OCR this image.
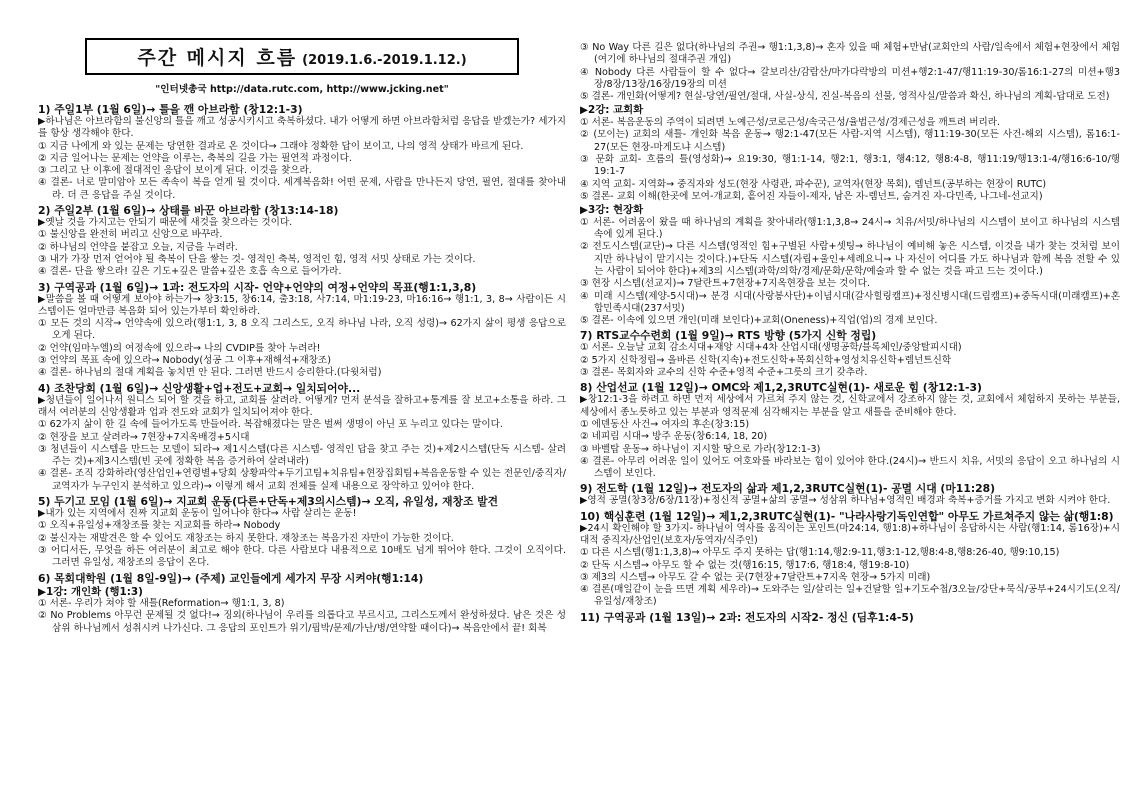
주간 메시지 흐름 (2019.1.6.-2019.1.12.)
"인터넷총국 http://data.rutc.com, http://www.jcking.net"
1) 주일1부 (1월 6일)→ 틀을 깬 아브라함 (창12:1-3)
▶하나님은 아브라함의 불신앙의 틀을 깨고 성공시키시고 축복하셨다. 내가 어떻게 하면 아브라함처럼 응답을 받겠는가? 세가지를 항상 생각해야 한다.
① 지금 나에게 와 있는 문제는 당연한 결과로 온 것이다→ 그래야 정확한 답이 보이고, 나의 영적 상태가 바르게 된다.
② 지금 일어나는 문제는 언약을 이루는, 축복의 길을 가는 필연적 과정이다.
③ 그리고 난 이후에 절대적인 응답이 보이게 된다. 이것을 찾으라.
④ 결론- 너로 말미암아 모든 족속이 복을 얻게 될 것이다. 세계복음화! 어떤 문제, 사람을 만나든지 당연, 필연, 절대를 찾아내라. 더 큰 응답을 주실 것이다.
2) 주일2부 (1월 6일)→ 상태를 바꾼 아브라함 (창13:14-18)
▶옛날 것을 가지고는 안되기 때문에 새것을 찾으라는 것이다.
① 불신앙을 완전히 버리고 신앙으로 바꾸라.
② 하나님의 언약을 붙잡고 오늘, 지금을 누려라.
③ 내가 가장 먼저 얻어야 될 축복이 단을 쌓는 것- 영적인 축복, 영적인 힘, 영적 서밋 상태로 가는 것이다.
④ 결론- 단을 쌓으라! 깊은 기도+깊은 말씀+깊은 호흡 속으로 들어가라.
3) 구역공과 (1월 6일)→ 1과: 전도자의 시작- 언약+언약의 여정+언약의 목표(행1:1,3,8)
▶말씀을 볼 때 어떻게 보아야 하는가→ 창3:15, 창6:14, 출3:18, 사7:14, 마1:19-23, 마16:16→ 행1:1, 3, 8→ 사람이든 시스템이든 얼마만큼 복음화 되어 있는가부터 확인하라.
① 모든 것의 시작→ 언약속에 있으라(행1:1, 3, 8 오직 그리스도, 오직 하나님 나라, 오직 성령)→ 62가지 삶이 평생 응답으로 오게 된다.
② 언약(임마누엘)의 여정속에 있으라→ 나의 CVDIP를 찾아 누려라!
③ 언약의 목표 속에 있으라→ Nobody(성공 그 이후+재해석+재창조)
④ 결론- 하나님의 절대 계획을 놓치면 안 된다. 그러면 반드시 승리한다.(다윗처럼)
4) 조찬당회 (1월 6일)→ 신앙생활+업+전도+교회→ 일치되어야...
▶청년들이 일어나서 원니스 되어 할 것을 하고, 교회를 살려라. 어떻게? 먼저 분석을 잘하고+통계를 잘 보고+소통을 하라. 그래서 여러분의 신앙생활과 업과 전도와 교회가 일치되어져야 한다.
① 62가지 삶이 한 길 속에 들어가도록 만들어라. 복잡해졌다는 말은 벌써 생명이 아닌 포 누리고 있다는 말이다.
② 현장을 보고 살려라→ 7현장+7지옥배경+5시대
③ 청년들이 시스템을 만드는 모델이 되라→ 제1시스템(다른 시스템- 영적인 답을 찾고 주는 것)+제2시스템(단독 시스템- 살려주는 것)+제3시스템(빈 곳에 정확한 복음 증거하여 살려내라)
④ 결론- 조직 강화하라(영산업인+연령별+당회 상황파악+두기고팀+치유팀+현장집회팀+복음운동할 수 있는 전문인/중직자/교역자가 누구인지 분석하고 있으라)→ 이렇게 해서 교회 전체를 실제 내용으로 장악하고 있어야 한다.
5) 두기고 모임 (1월 6일)→ 지교회 운동(다른+단독+제3의시스템)→ 오직, 유일성, 재창조 발견
▶내가 있는 지역에서 진짜 지교회 운동이 일어나야 한다→ 사람 살리는 운동!
① 오직+유일성+재창조를 찾는 지교회를 하라→ Nobody
② 불신자는 재발견은 할 수 있어도 재창조는 하지 못한다. 재창조는 복음가진 자만이 가능한 것이다.
③ 어디서든, 무엇을 하든 여러분이 최고로 해야 한다. 다른 사람보다 내용적으로 10배도 넘게 뛰어야 한다. 그것이 오직이다. 그러면 유일성, 재창조의 응답이 온다.
6) 목회대학원 (1월 8일-9일)→ (주제) 교인들에게 세가지 무장 시켜야(행1:14)
▶1강: 개인화 (행1:3)
① 서론- 우리가 쳐야 할 새틀(Reformation→ 행1:1, 3, 8)
② No Problems 아무런 문제될 것 없다!→ 징외(하나님이 우리를 의롭다고 부르시고, 그리스도께서 완성하셨다. 남은 것은 성삼위 하나님께서 성취시켜 나가신다. 그 응답의 포인트가 위기/핍박/문제/가난/병/연약할 때이다)→ 복음안에서 끝! 회복
③ No Way 다른 길은 없다(하나님의 주권→ 행1:1,3,8)→ 혼자 있을 때 체험+만남(교회안의 사람/일속에서 체험+현장에서 체험(여기에 하나님의 절대주권 개입)
④ Nobody 다른 사람들이 할 수 없다→ 갈보리산/감람산/마가다락방의 미션+행2:1-47/행11:19-30/롬16:1-27의 미션+행3장/8장/13장/16장/19장의 미션
⑤ 결론- 개인화(어떻게? 현실-당연/필연/절대, 사실-상식, 진실-복음의 선물, 영적사실/말씀과 확신, 하나님의 계획-답대로 도전)
▶2강: 교회화
① 서론- 복음운동의 주역이 되려면 노예근성/코로근성/속국근성/율법근성/경제근성을 깨트려 버리라.
② (모이는) 교회의 새틀- 개인화 복음 운동→ 행2:1-47(모든 사람-지역 시스템), 행11:19-30(모든 사건-해외 시스템), 롬16:1-27(모든 현장-마게도냐 시스템)
③ 문화 교회- 흐름의 틀(영성화)→ 요19:30, 행1:1-14, 행2:1, 행3:1, 행4:12, 행8:4-8, 행11:19/행13:1-4/행16:6-10/행19:1-7
④ 지역 교회- 지역화→ 중직자와 성도(현장 사령관, 파수꾼), 교역자(현장 목회), 렘넌트(공부하는 현장이 RUTC)
⑤ 결론- 교회 이해(한곳에 모여-개교회, 흩어진 자들이-제자, 남은 자-렘넌트, 숨겨진 자-다민족, 나그네-선교지)
▶3강: 현장화
① 서론- 어려움이 왔을 때 하나님의 계획을 찾아내라(행1:1,3,8→ 24시→ 치유/서밋/하나님의 시스템이 보이고 하나님의 시스템속에 있게 된다.)
② 전도시스템(교단)→ 다른 시스템(영적인 힘+구별된 사람+셋팅→ 하나님이 예비해 놓은 시스템, 이것을 내가 찾는 것처럼 보이지만 하나님이 맡기시는 것이다.)+단독 시스템(자립+울인+세례요니→ 나 자신이 어디를 가도 하나님과 함께 복음 전할 수 있는 사람이 되어야 한다)+제3의 시스템(과학/의학/경제/문화/문학/예술과 할 수 없는 것을 파고 드는 것이다.)
③ 현장 시스템(선교지)→ 7달란트+7현장+7지옥현장을 보는 것이다.
④ 미래 시스템(제양-5시대)→ 분경 시대(사랑봉사단)+이념시대(갈사힐링캠프)+정신병시대(드림캠프)+중독시대(미래캠프)+혼합민족시대(237서밋)
⑤ 결론- 이속에 있으면 개인(미래 보인다)+교회(Oneness)+직업(업)의 경제 보인다.
7) RTS교수수련회 (1월 9일)→ RTS 방향 (5가지 신학 정립)
① 서론- 오늘날 교회 감소시대+재앙 시대+4차 산업시대(생명공학/블록체인/중앙탈피시대)
② 5가지 신학정립→ 올바른 신학(지속)+전도신학+목회신학+영성치유신학+렘넌트신학
③ 결론- 목회자와 교수의 신학 수준+영적 수준+그릇의 크기 갖추라.
8) 산업선교 (1월 12일)→ OMC와 제1,2,3RUTC실현(1)- 새로운 힘 (창12:1-3)
▶창12:1-3을 하려고 하면 먼저 세상에서 가르쳐 주지 않는 것, 신학교에서 강조하지 않는 것, 교회에서 체험하지 못하는 부분들, 세상에서 종노릇하고 있는 부분과 영적문제 심각해지는 부분을 알고 새틀을 준비해야 한다.
① 에덴동산 사건→ 여자의 후손(창3:15)
② 네피림 시대→ 방주 운동(창6:14, 18, 20)
③ 바벨탑 운동→ 하나님이 지시할 땅으로 가라(창12:1-3)
④ 결론- 아무리 어려운 일이 있어도 여호와를 바라보는 힘이 있어야 한다.(24시)→ 반드시 치유, 서밋의 응답이 오고 하나님의 시스템이 보인다.
9) 전도학 (1월 12일)→ 전도자의 삶과 제1,2,3RUTC실현(1)- 공멸 시대 (마11:28)
▶영적 공멸(창3장/6장/11장)+정신적 공멸+삶의 공멸→ 성삼위 하나님+영적인 배경과 축복+증거를 가지고 변화 시켜야 한다.
10) 핵심훈련 (1월 12일)→ 제1,2,3RUTC실현(1)- "나라사랑기독인연합" 아무도 가르쳐주지 않는 삶(행1:8)
▶24시 확인해야 할 3가지- 하나님이 역사를 움직이는 포인트(마24:14, 행1:8)+하나님이 응답하시는 사람(행1:14, 롬16장)+시대적 중직자/산업인(보호자/동역자/식주인)
① 다른 시스템(행1:1,3,8)→ 아무도 주지 못하는 답(행1:14,행2:9-11,행3:1-12,행8:4-8,행8:26-40, 행9:10,15)
② 단독 시스템→ 아무도 할 수 없는 것(행16:15, 행17:6, 행18:4, 행19:8-10)
③ 제3의 시스템→ 아무도 갈 수 없는 곳(7현장+7달란트+7지옥 현장→ 5가지 미래)
④ 결론(매일같이 눈을 뜨면 계획 세우라)→ 도와주는 일/살리는 일+건달할 일+기도수첩/3오늘/강단+묵식/공부+24시기도(오직/유일성/재창조)
11) 구역공과 (1월 13일)→ 2과: 전도자의 시작2- 정신 (딤후1:4-5)
